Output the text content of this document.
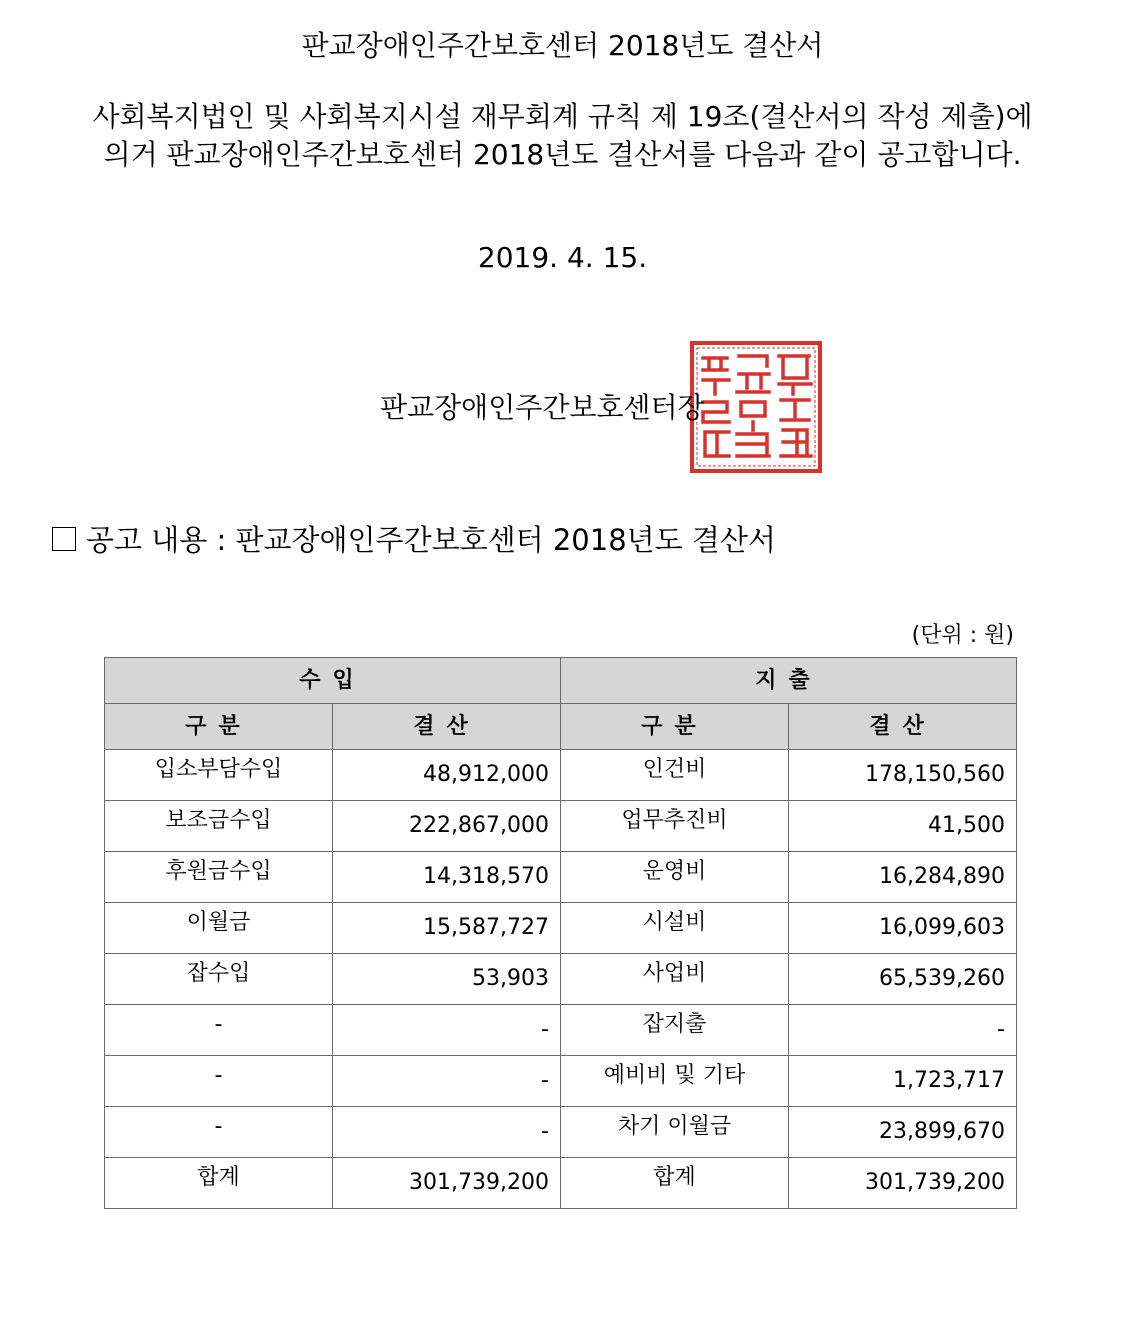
판교장애인주간보호센터 2018년도 결산서
사회복지법인 및 사회복지시설 재무회계 규칙 제 19조(결산서의 작성 제출)에
의거 판교장애인주간보호센터 2018년도 결산서를 다음과 같이 공고합니다.
2019. 4. 15.
판교장애인주간보호센터장
공고 내용 : 판교장애인주간보호센터 2018년도 결산서
(단위 : 원)
수입		지출	
구분	결산	구분	결산
입소부담수입	48,912,000	인건비	178,150,560
보조금수입	222,867,000	업무추진비	41,500
후원금수입	14,318,570	운영비	16,284,890
이월금	15,587,727	시설비	16,099,603
잡수입	53,903	사업비	65,539,260
-	-	잡지출	-
-	-	예비비 및 기타	1,723,717
-	-	차기 이월금	23,899,670
합계	301,739,200	합계	301,739,200
